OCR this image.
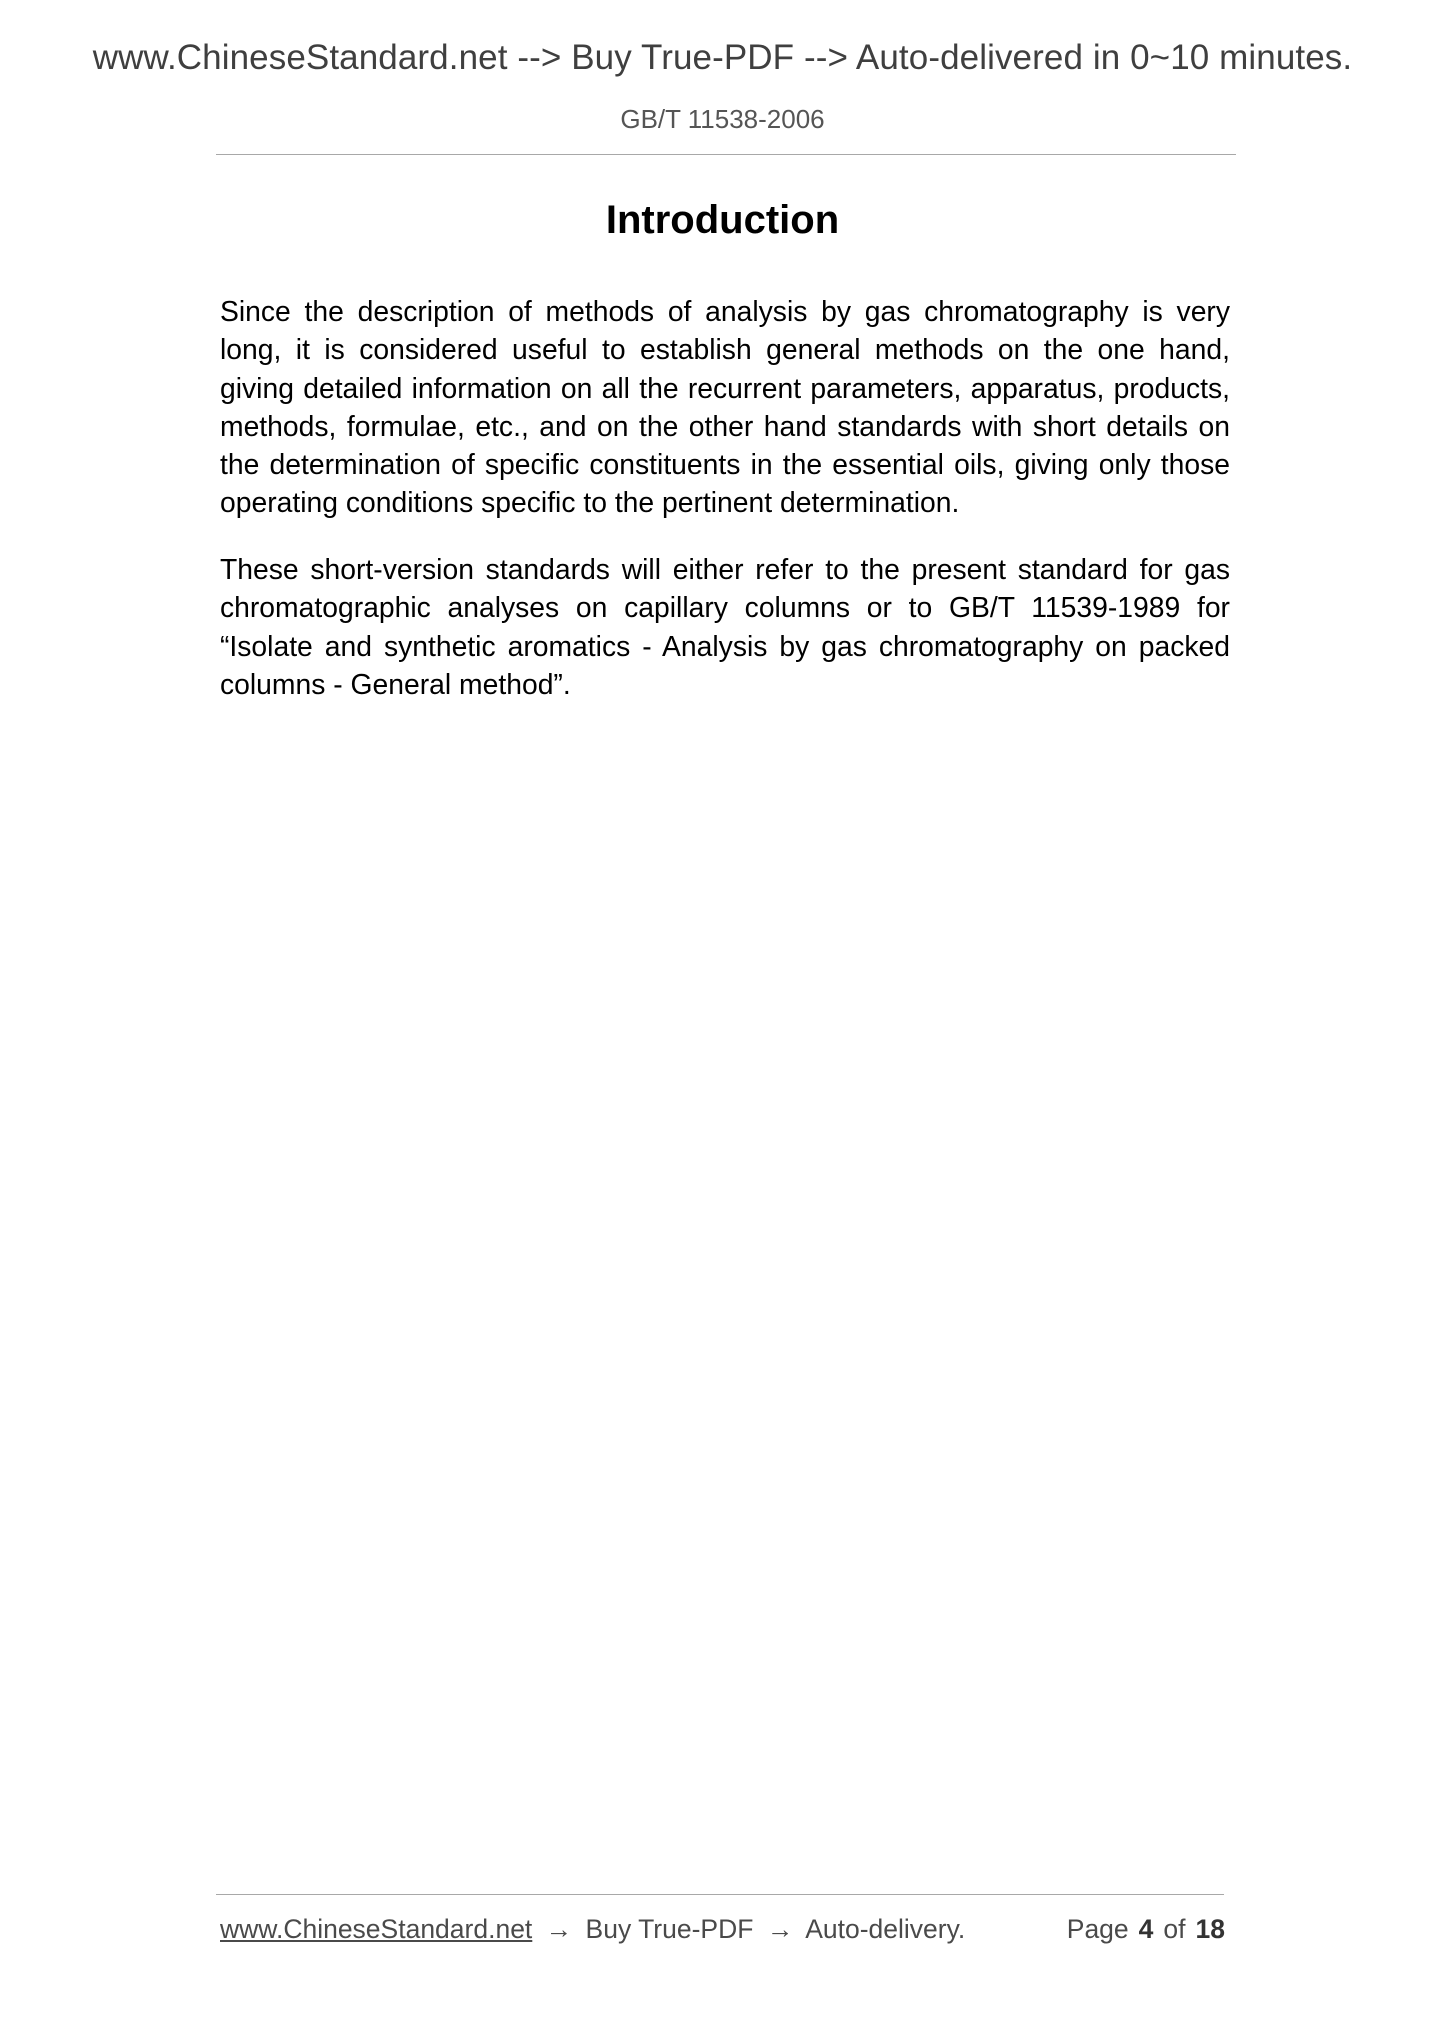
www.ChineseStandard.net --> Buy True-PDF --> Auto-delivered in 0~10 minutes.
GB/T 11538-2006
Introduction

Since the description of methods of analysis by gas chromatography is very long, it is considered useful to establish general methods on the one hand, giving detailed information on all the recurrent parameters, apparatus, products, methods, formulae, etc., and on the other hand standards with short details on the determination of specific constituents in the essential oils, giving only those operating conditions specific to the pertinent determination.

These short-version standards will either refer to the present standard for gas chromatographic analyses on capillary columns or to GB/T 11539-1989 for “Isolate and synthetic aromatics - Analysis by gas chromatography on packed columns - General method”.

www.ChineseStandard.net → Buy True-PDF → Auto-delivery.	Page 4 of 18
